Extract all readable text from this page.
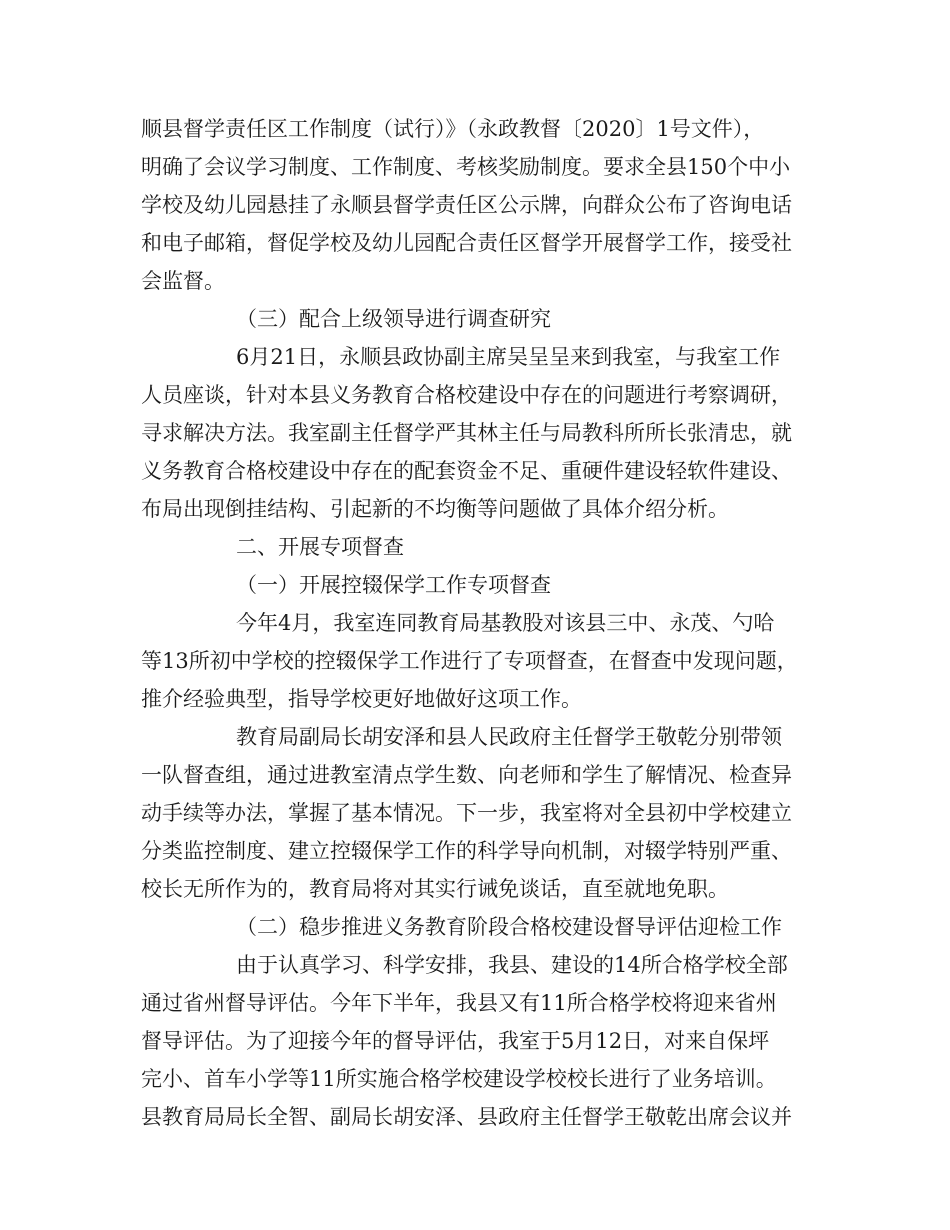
顺县督学责任区工作制度（试行）》（永政教督〔2020〕1号文件），
明确了会议学习制度、工作制度、考核奖励制度。要求全县150个中小
学校及幼儿园悬挂了永顺县督学责任区公示牌，向群众公布了咨询电话
和电子邮箱，督促学校及幼儿园配合责任区督学开展督学工作，接受社
会监督。
（三）配合上级领导进行调查研究
6月21日，永顺县政协副主席吴呈呈来到我室，与我室工作
人员座谈，针对本县义务教育合格校建设中存在的问题进行考察调研，
寻求解决方法。我室副主任督学严其林主任与局教科所所长张清忠，就
义务教育合格校建设中存在的配套资金不足、重硬件建设轻软件建设、
布局出现倒挂结构、引起新的不均衡等问题做了具体介绍分析。
二、开展专项督查
（一）开展控辍保学工作专项督查
今年4月，我室连同教育局基教股对该县三中、永茂、勺哈
等13所初中学校的控辍保学工作进行了专项督查，在督查中发现问题，
推介经验典型，指导学校更好地做好这项工作。
教育局副局长胡安泽和县人民政府主任督学王敬乾分别带领
一队督查组，通过进教室清点学生数、向老师和学生了解情况、检查异
动手续等办法，掌握了基本情况。下一步，我室将对全县初中学校建立
分类监控制度、建立控辍保学工作的科学导向机制，对辍学特别严重、
校长无所作为的，教育局将对其实行诫免谈话，直至就地免职。
（二）稳步推进义务教育阶段合格校建设督导评估迎检工作
由于认真学习、科学安排，我县、建设的14所合格学校全部
通过省州督导评估。今年下半年，我县又有11所合格学校将迎来省州
督导评估。为了迎接今年的督导评估，我室于5月12日，对来自保坪
完小、首车小学等11所实施合格学校建设学校校长进行了业务培训。
县教育局局长全智、副局长胡安泽、县政府主任督学王敬乾出席会议并
